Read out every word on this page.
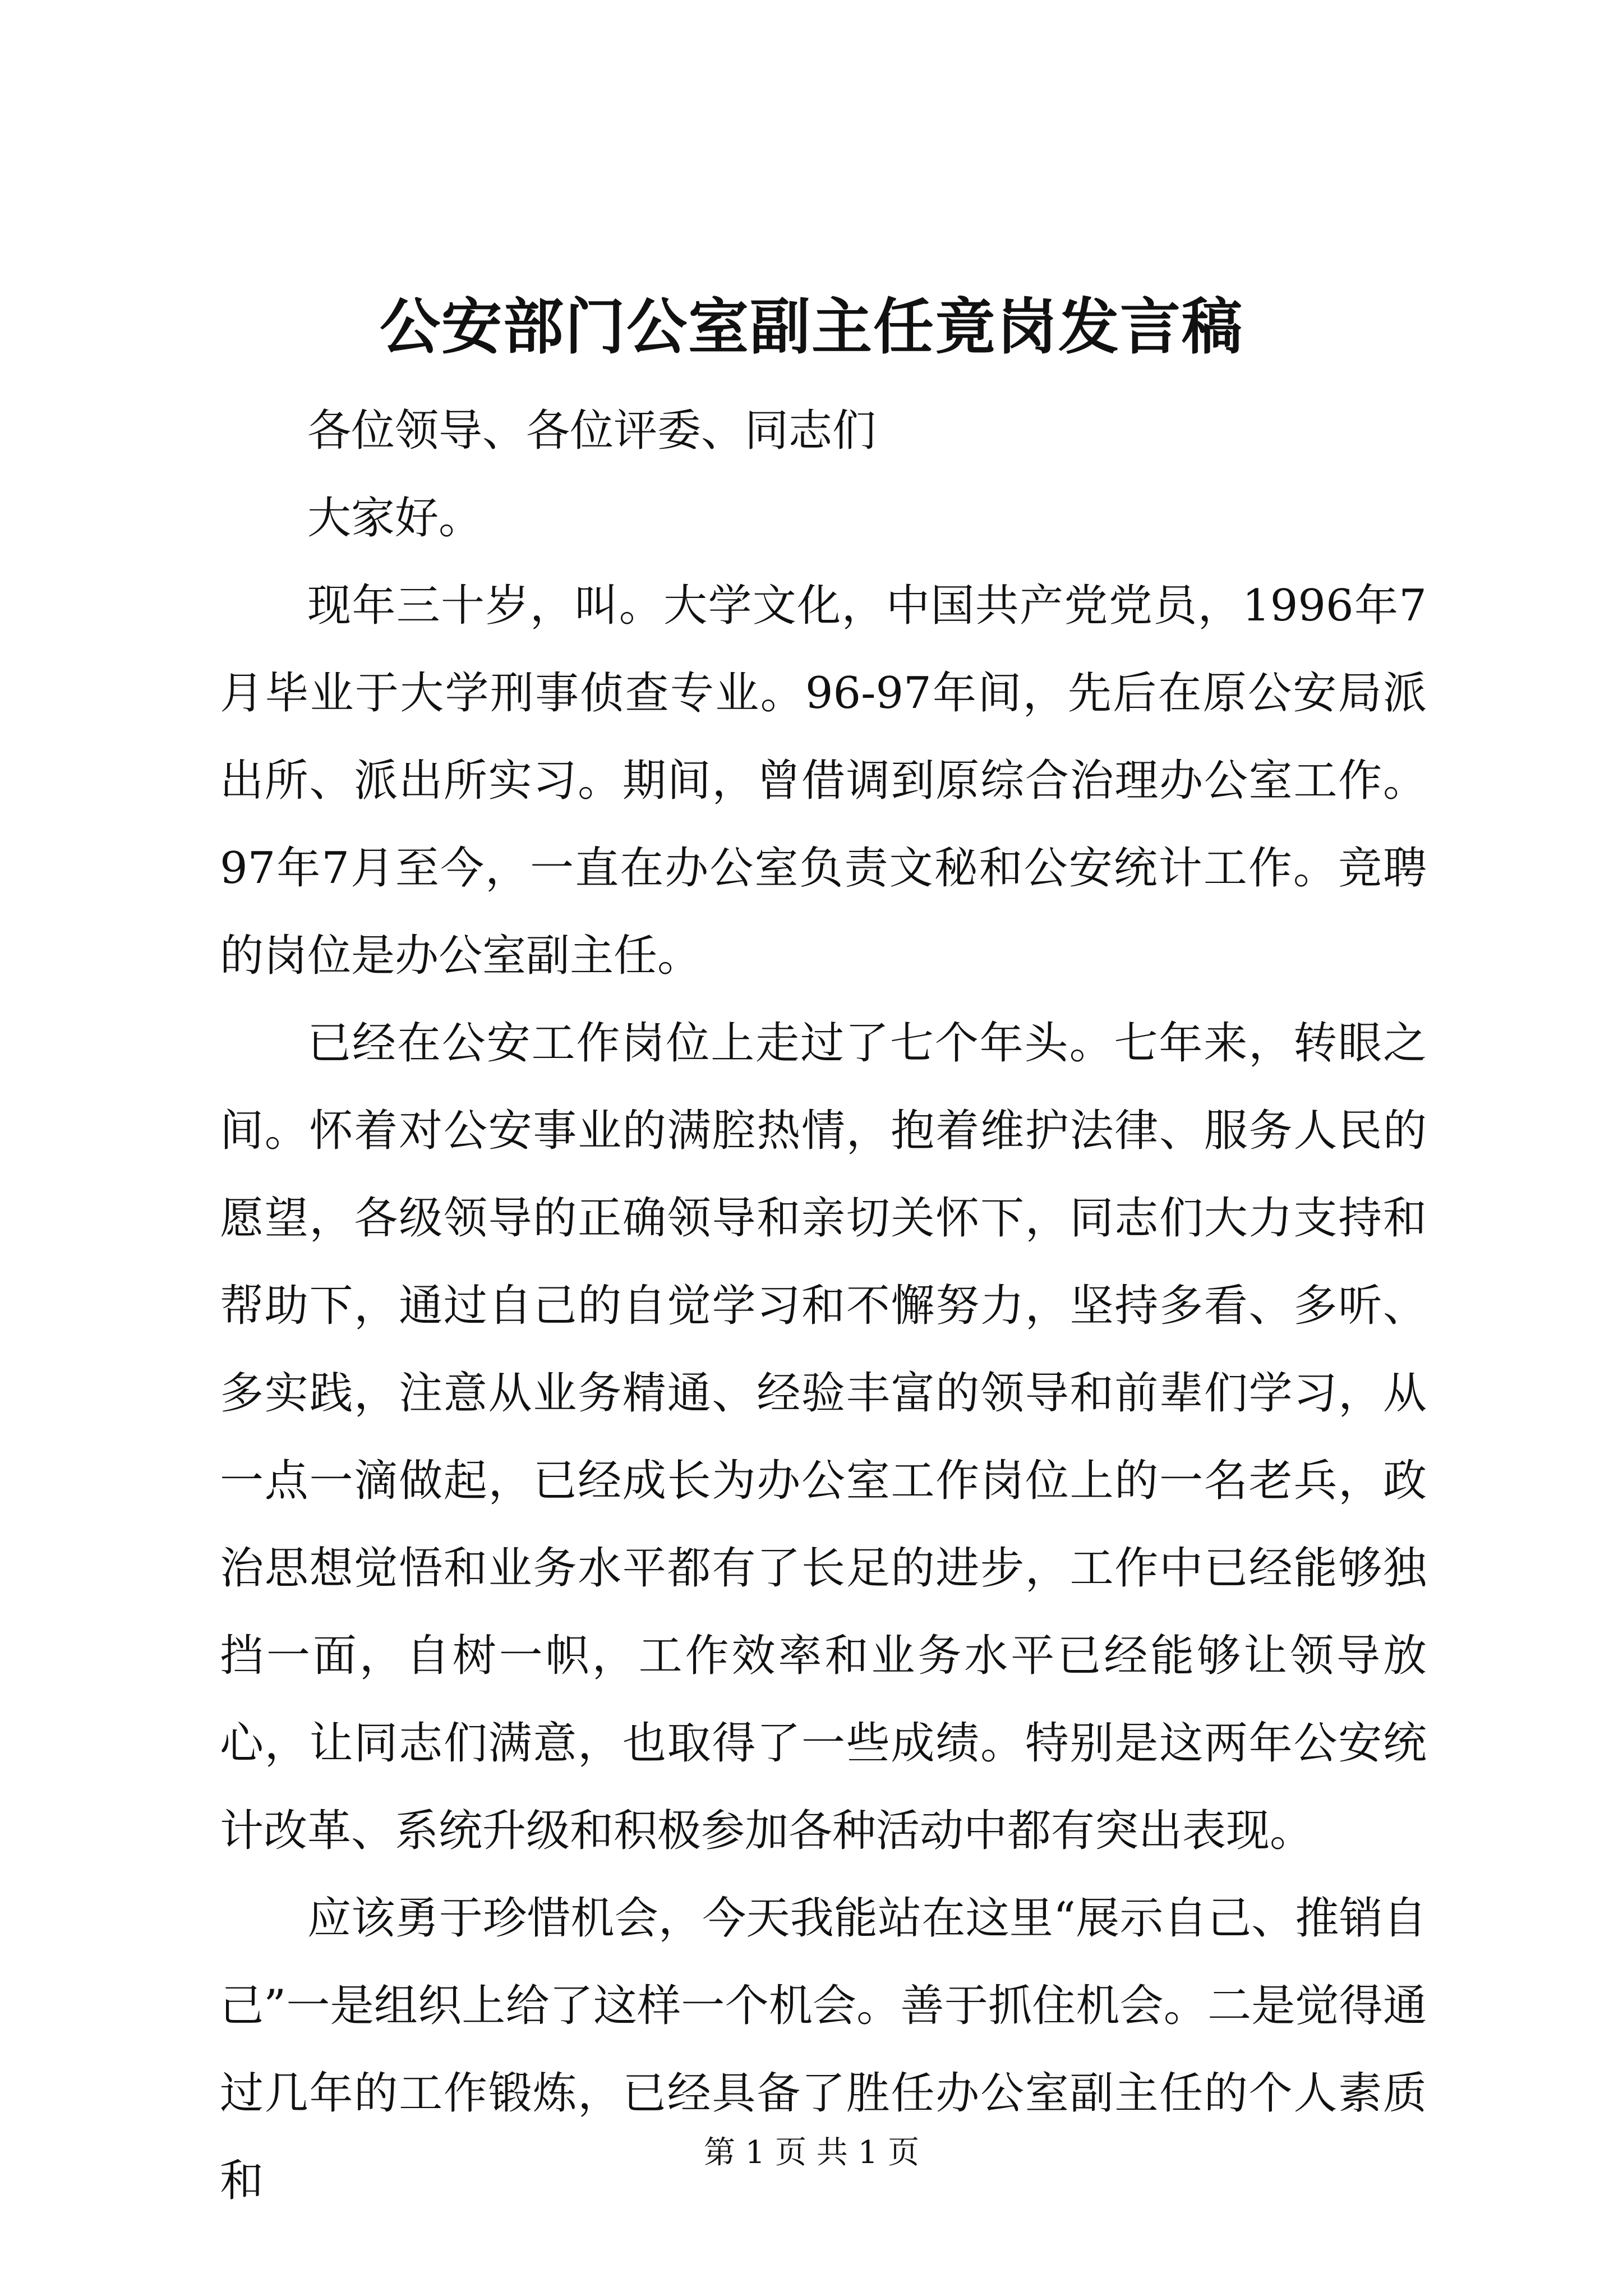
公安部门公室副主任竟岗发言稿

各位领导、各位评委、同志们

大家好。

现年三十岁，叫。大学文化，中国共产党党员，1996年7月毕业于大学刑事侦查专业。96-97年间，先后在原公安局派出所、派出所实习。期间，曾借调到原综合治理办公室工作。97年7月至今，一直在办公室负责文秘和公安统计工作。竞聘的岗位是办公室副主任。

已经在公安工作岗位上走过了七个年头。七年来，转眼之间。怀着对公安事业的满腔热情，抱着维护法律、服务人民的愿望，各级领导的正确领导和亲切关怀下，同志们大力支持和帮助下，通过自己的自觉学习和不懈努力，坚持多看、多听、多实践，注意从业务精通、经验丰富的领导和前辈们学习，从一点一滴做起，已经成长为办公室工作岗位上的一名老兵，政治思想觉悟和业务水平都有了长足的进步，工作中已经能够独挡一面，自树一帜，工作效率和业务水平已经能够让领导放心，让同志们满意，也取得了一些成绩。特别是这两年公安统计改革、系统升级和积极参加各种活动中都有突出表现。

应该勇于珍惜机会，今天我能站在这里“展示自己、推销自己”一是组织上给了这样一个机会。善于抓住机会。二是觉得通过几年的工作锻炼，已经具备了胜任办公室副主任的个人素质和

第 1 页 共 1 页
